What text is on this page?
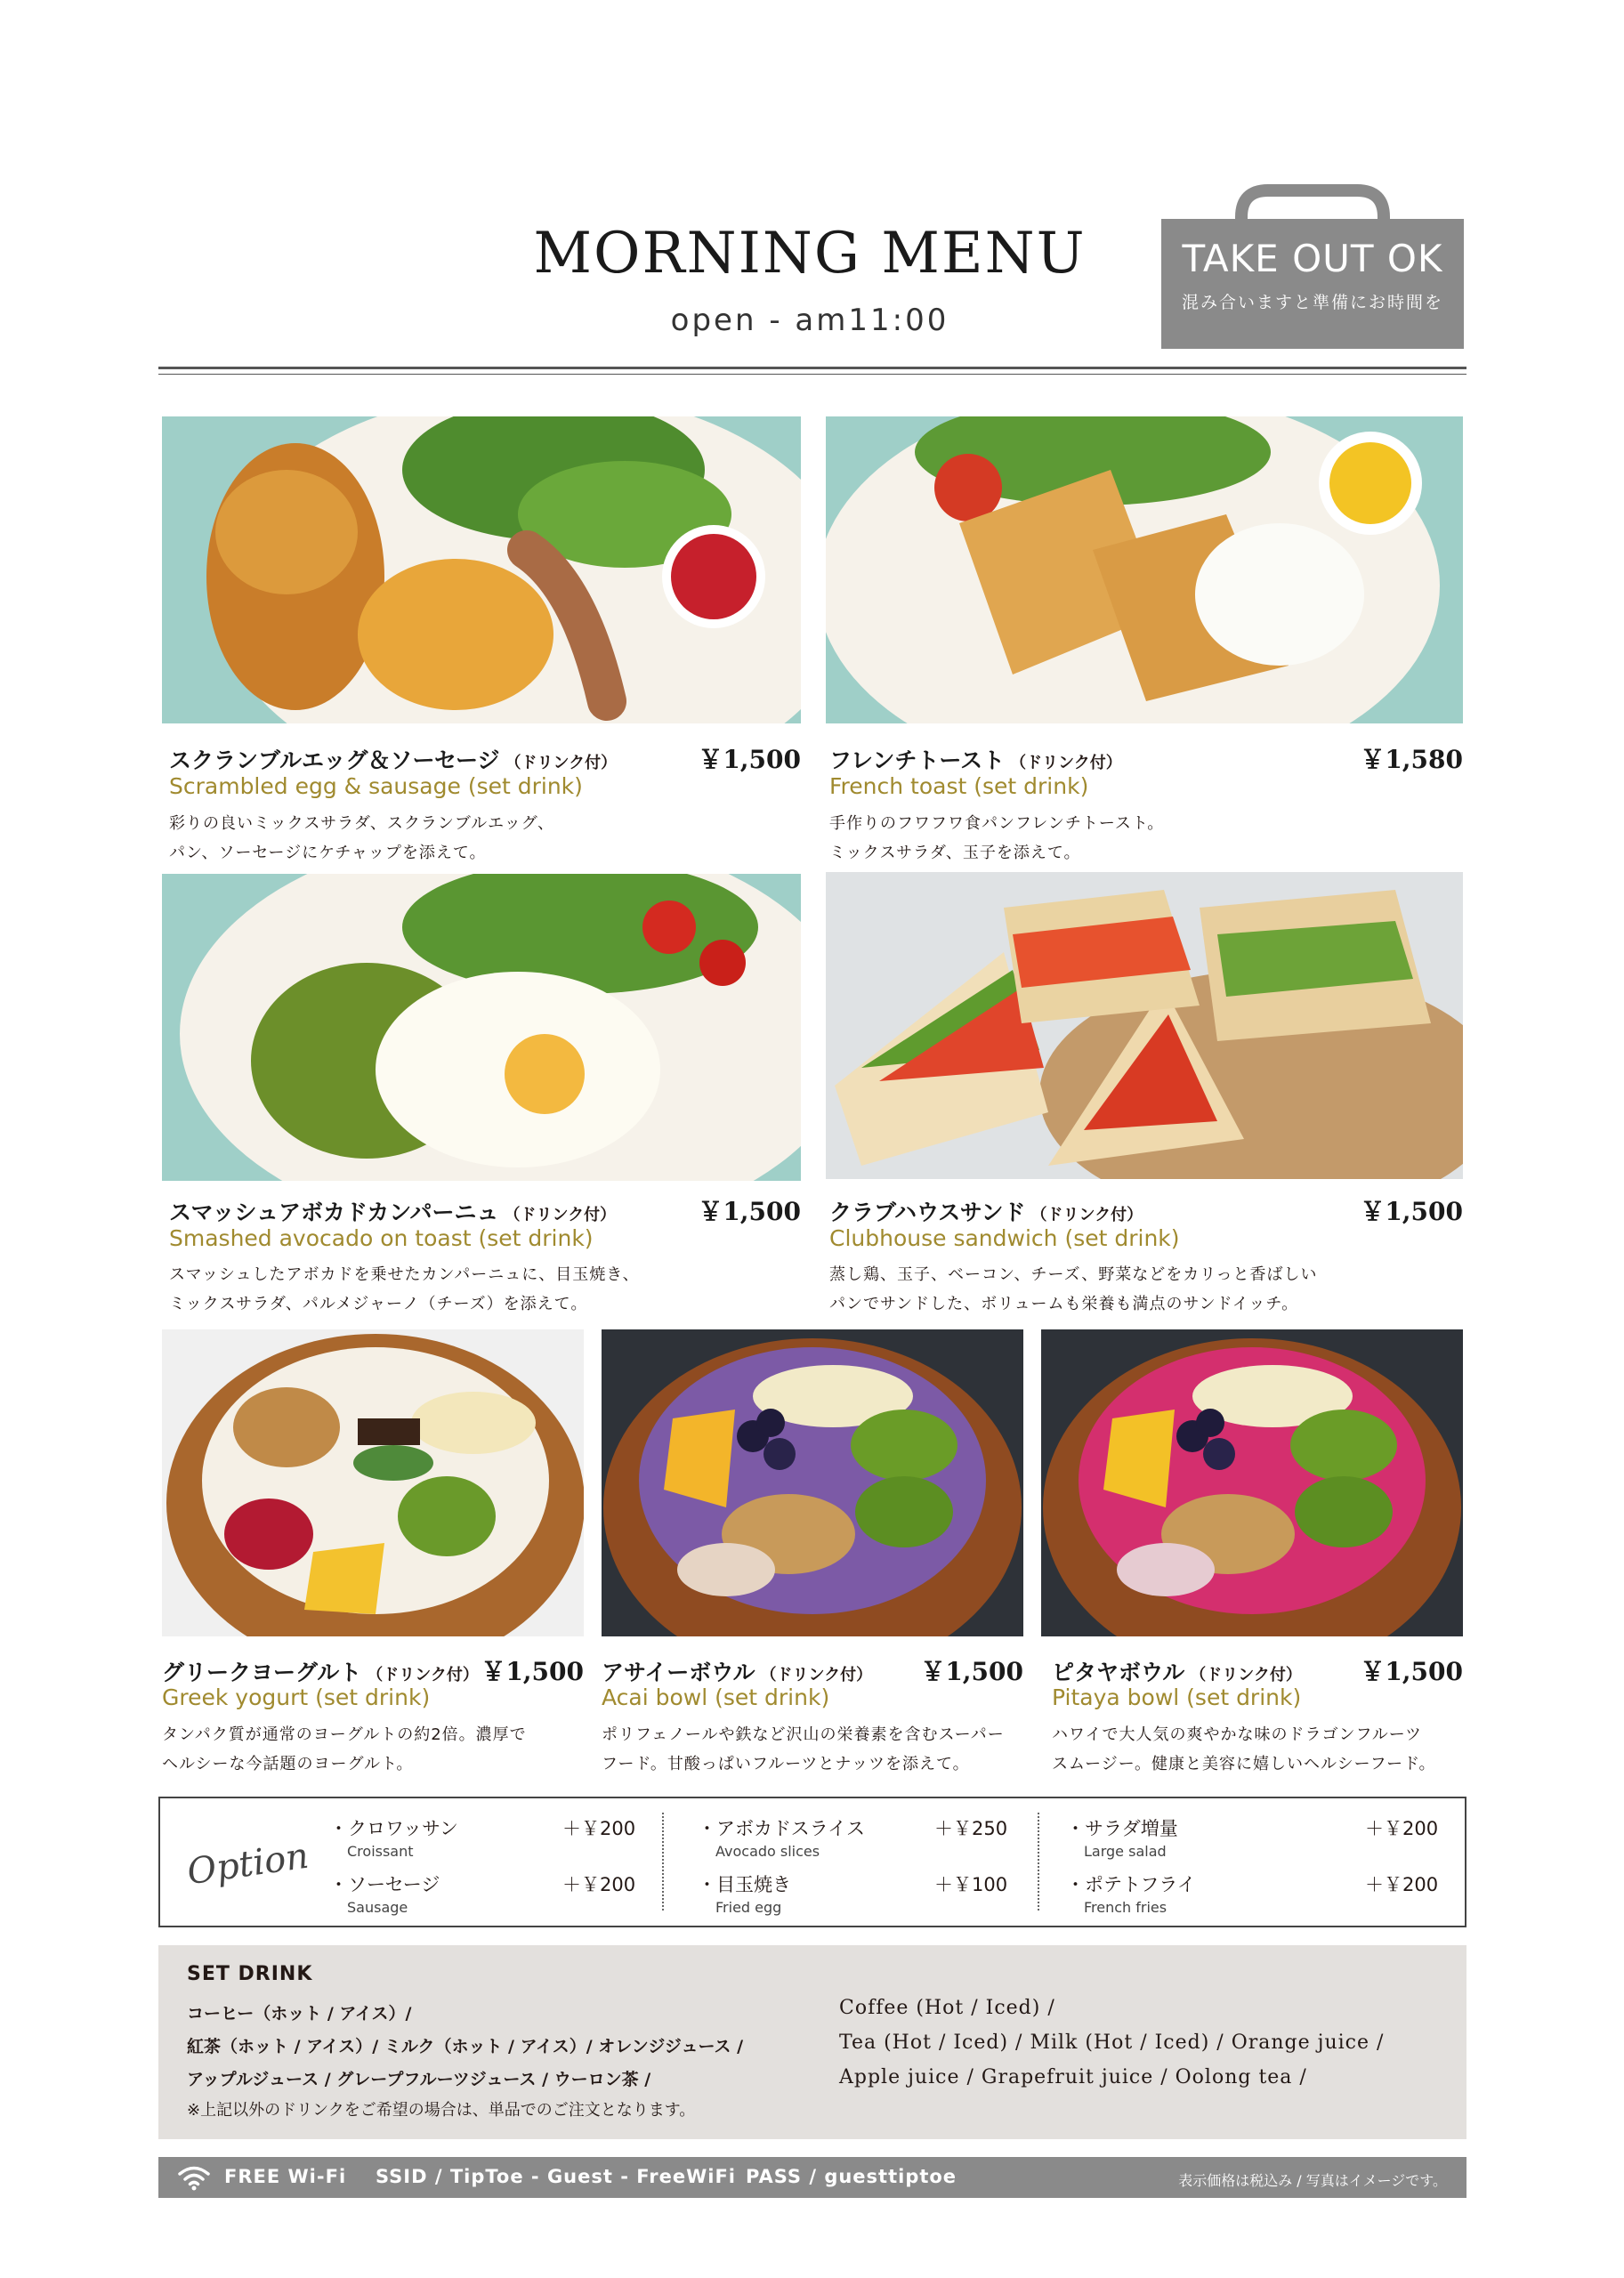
MORNING MENU
open - am11:00
TAKE OUT OK
混み合いますと準備にお時間を
スクランブルエッグ＆ソーセージ （ドリンク付）	￥1,500
Scrambled egg & sausage (set drink)
彩りの良いミックスサラダ、スクランブルエッグ、
パン、ソーセージにケチャップを添えて。
フレンチトースト （ドリンク付）	￥1,580
French toast (set drink)
手作りのフワフワ食パンフレンチトースト。
ミックスサラダ、玉子を添えて。
スマッシュアボカドカンパーニュ （ドリンク付）	￥1,500
Smashed avocado on toast (set drink)
スマッシュしたアボカドを乗せたカンパーニュに、目玉焼き、
ミックスサラダ、パルメジャーノ（チーズ）を添えて。
クラブハウスサンド （ドリンク付）	￥1,500
Clubhouse sandwich (set drink)
蒸し鶏、玉子、ベーコン、チーズ、野菜などをカリっと香ばしい
パンでサンドした、ボリュームも栄養も満点のサンドイッチ。
グリークヨーグルト （ドリンク付） ￥1,500
Greek yogurt (set drink)
タンパク質が通常のヨーグルトの約2倍。濃厚で
ヘルシーな今話題のヨーグルト。
アサイーボウル （ドリンク付） ￥1,500
Acai bowl (set drink)
ポリフェノールや鉄など沢山の栄養素を含むスーパー
フード。甘酸っぱいフルーツとナッツを添えて。
ピタヤボウル （ドリンク付） ￥1,500
Pitaya bowl (set drink)
ハワイで大人気の爽やかな味のドラゴンフルーツ
スムージー。健康と美容に嬉しいヘルシーフード。
Option
・クロワッサン
Croissant
＋￥200
・ソーセージ
Sausage
＋￥200
・アボカドスライス
Avocado slices
＋￥250
・目玉焼き
Fried egg
＋￥100
・サラダ増量
Large salad
＋￥200
・ポテトフライ
French fries
＋￥200
SET DRINK
コーヒー（ホット / アイス）/
紅茶（ホット / アイス）/ ミルク（ホット / アイス）/ オレンジジュース /
アップルジュース / グレープフルーツジュース / ウーロン茶 /
※上記以外のドリンクをご希望の場合は、単品でのご注文となります。
Coffee (Hot / Iced) /
Tea (Hot / Iced) / Milk (Hot / Iced) / Orange juice /
Apple juice / Grapefruit juice / Oolong tea /
FREE Wi-Fi SSID / TipToe - Guest - FreeWiFi PASS / guesttiptoe	表示価格は税込み / 写真はイメージです。
